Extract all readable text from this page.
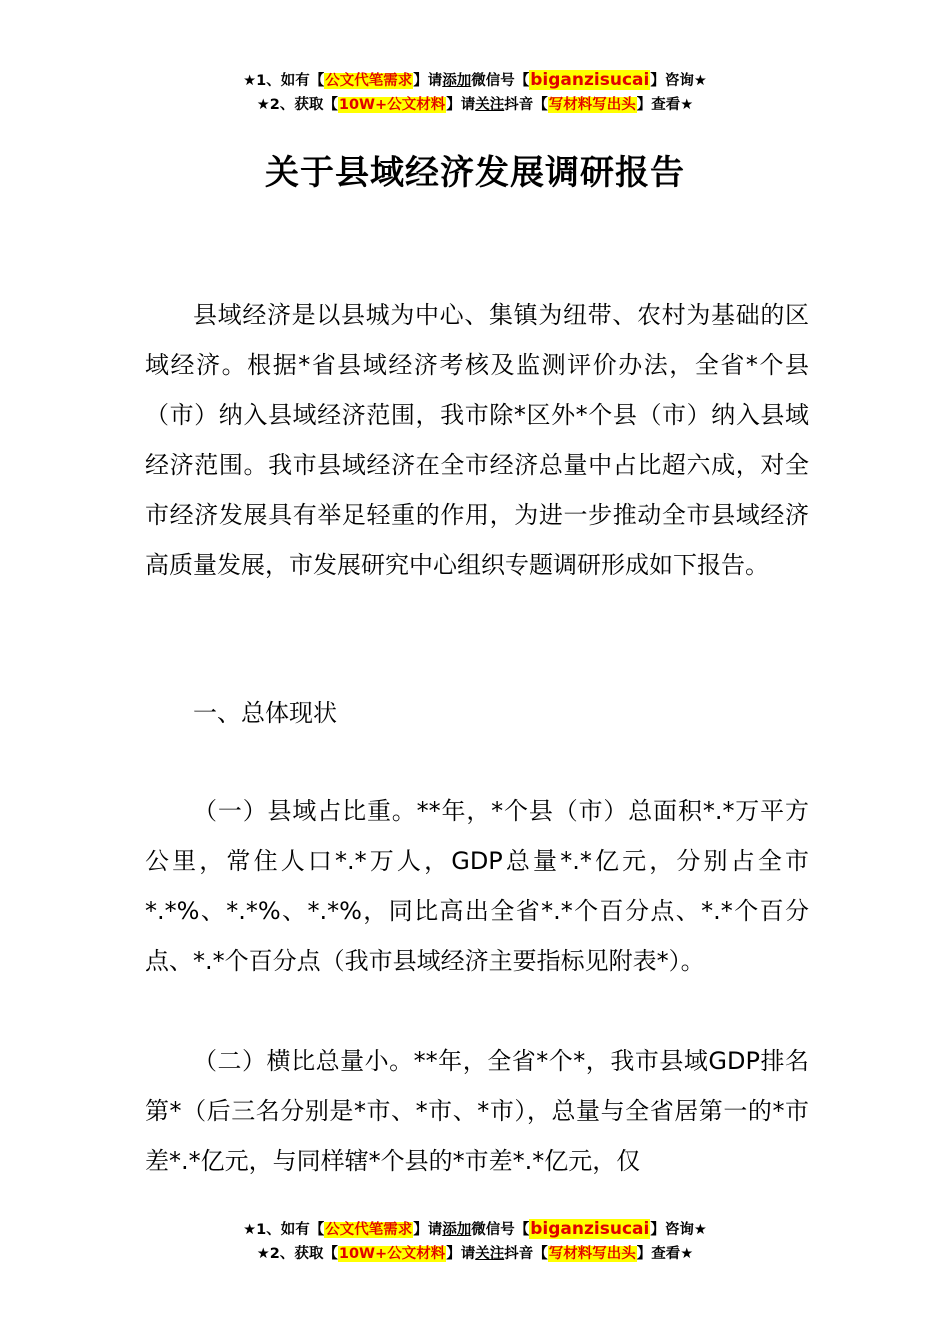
★1、如有【公文代笔需求】请添加微信号【biganzisucai】咨询★
★2、获取【10W+公文材料】请关注抖音【写材料写出头】查看★
关于县域经济发展调研报告

县域经济是以县城为中心、集镇为纽带、农村为基础的区域经济。根据*省县域经济考核及监测评价办法，全省*个县（市）纳入县域经济范围，我市除*区外*个县（市）纳入县域经济范围。我市县域经济在全市经济总量中占比超六成，对全市经济发展具有举足轻重的作用，为进一步推动全市县域经济高质量发展，市发展研究中心组织专题调研形成如下报告。

一、总体现状

（一）县域占比重。**年，*个县（市）总面积*.*万平方公里，常住人口*.*万人，GDP总量*.*亿元，分别占全市*.*%、*.*%、*.*%，同比高出全省*.*个百分点、*.*个百分点、*.*个百分点（我市县域经济主要指标见附表*）。

（二）横比总量小。**年，全省*个*，我市县域GDP排名第*（后三名分别是*市、*市、*市），总量与全省居第一的*市差*.*亿元，与同样辖*个县的*市差*.*亿元，仅

★1、如有【公文代笔需求】请添加微信号【biganzisucai】咨询★
★2、获取【10W+公文材料】请关注抖音【写材料写出头】查看★
